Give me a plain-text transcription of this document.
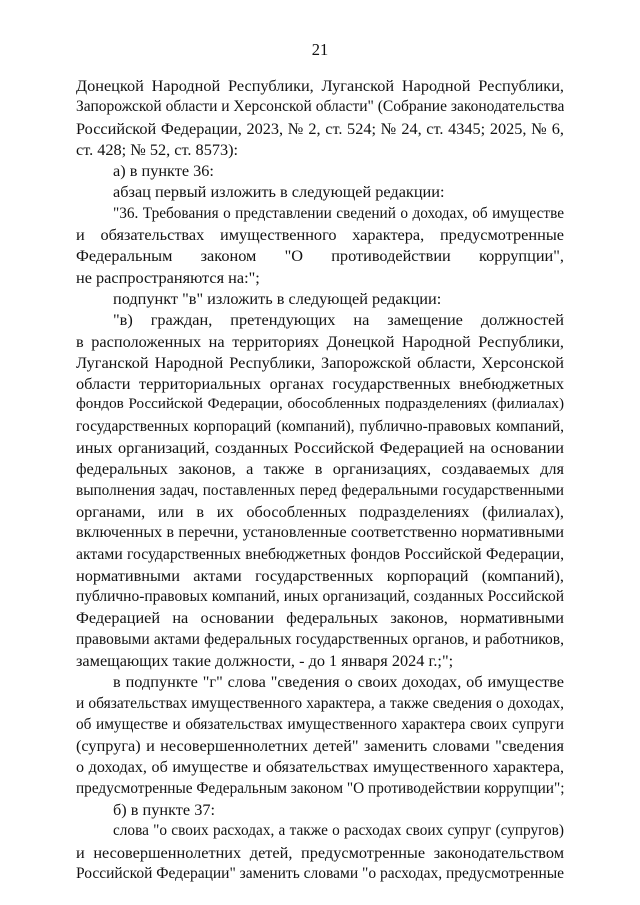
21
Донецкой Народной Республики, Луганской Народной Республики,
Запорожской области и Херсонской области" (Собрание законодательства
Российской Федерации, 2023, № 2, ст. 524; № 24, ст. 4345; 2025, № 6,
ст. 428; № 52, ст. 8573):
а) в пункте 36:
абзац первый изложить в следующей редакции:
"36. Требования о представлении сведений о доходах, об имуществе
и обязательствах имущественного характера, предусмотренные
Федеральным законом "О противодействии коррупции",
не распространяются на:";
подпункт "в" изложить в следующей редакции:
"в) граждан, претендующих на замещение должностей
в расположенных на территориях Донецкой Народной Республики,
Луганской Народной Республики, Запорожской области, Херсонской
области территориальных органах государственных внебюджетных
фондов Российской Федерации, обособленных подразделениях (филиалах)
государственных корпораций (компаний), публично-правовых компаний,
иных организаций, созданных Российской Федерацией на основании
федеральных законов, а также в организациях, создаваемых для
выполнения задач, поставленных перед федеральными государственными
органами, или в их обособленных подразделениях (филиалах),
включенных в перечни, установленные соответственно нормативными
актами государственных внебюджетных фондов Российской Федерации,
нормативными актами государственных корпораций (компаний),
публично-правовых компаний, иных организаций, созданных Российской
Федерацией на основании федеральных законов, нормативными
правовыми актами федеральных государственных органов, и работников,
замещающих такие должности, - до 1 января 2024 г.;";
в подпункте "г" слова "сведения о своих доходах, об имуществе
и обязательствах имущественного характера, а также сведения о доходах,
об имуществе и обязательствах имущественного характера своих супруги
(супруга) и несовершеннолетних детей" заменить словами "сведения
о доходах, об имуществе и обязательствах имущественного характера,
предусмотренные Федеральным законом "О противодействии коррупции";
б) в пункте 37:
слова "о своих расходах, а также о расходах своих супруг (супругов)
и несовершеннолетних детей, предусмотренные законодательством
Российской Федерации" заменить словами "о расходах, предусмотренные
